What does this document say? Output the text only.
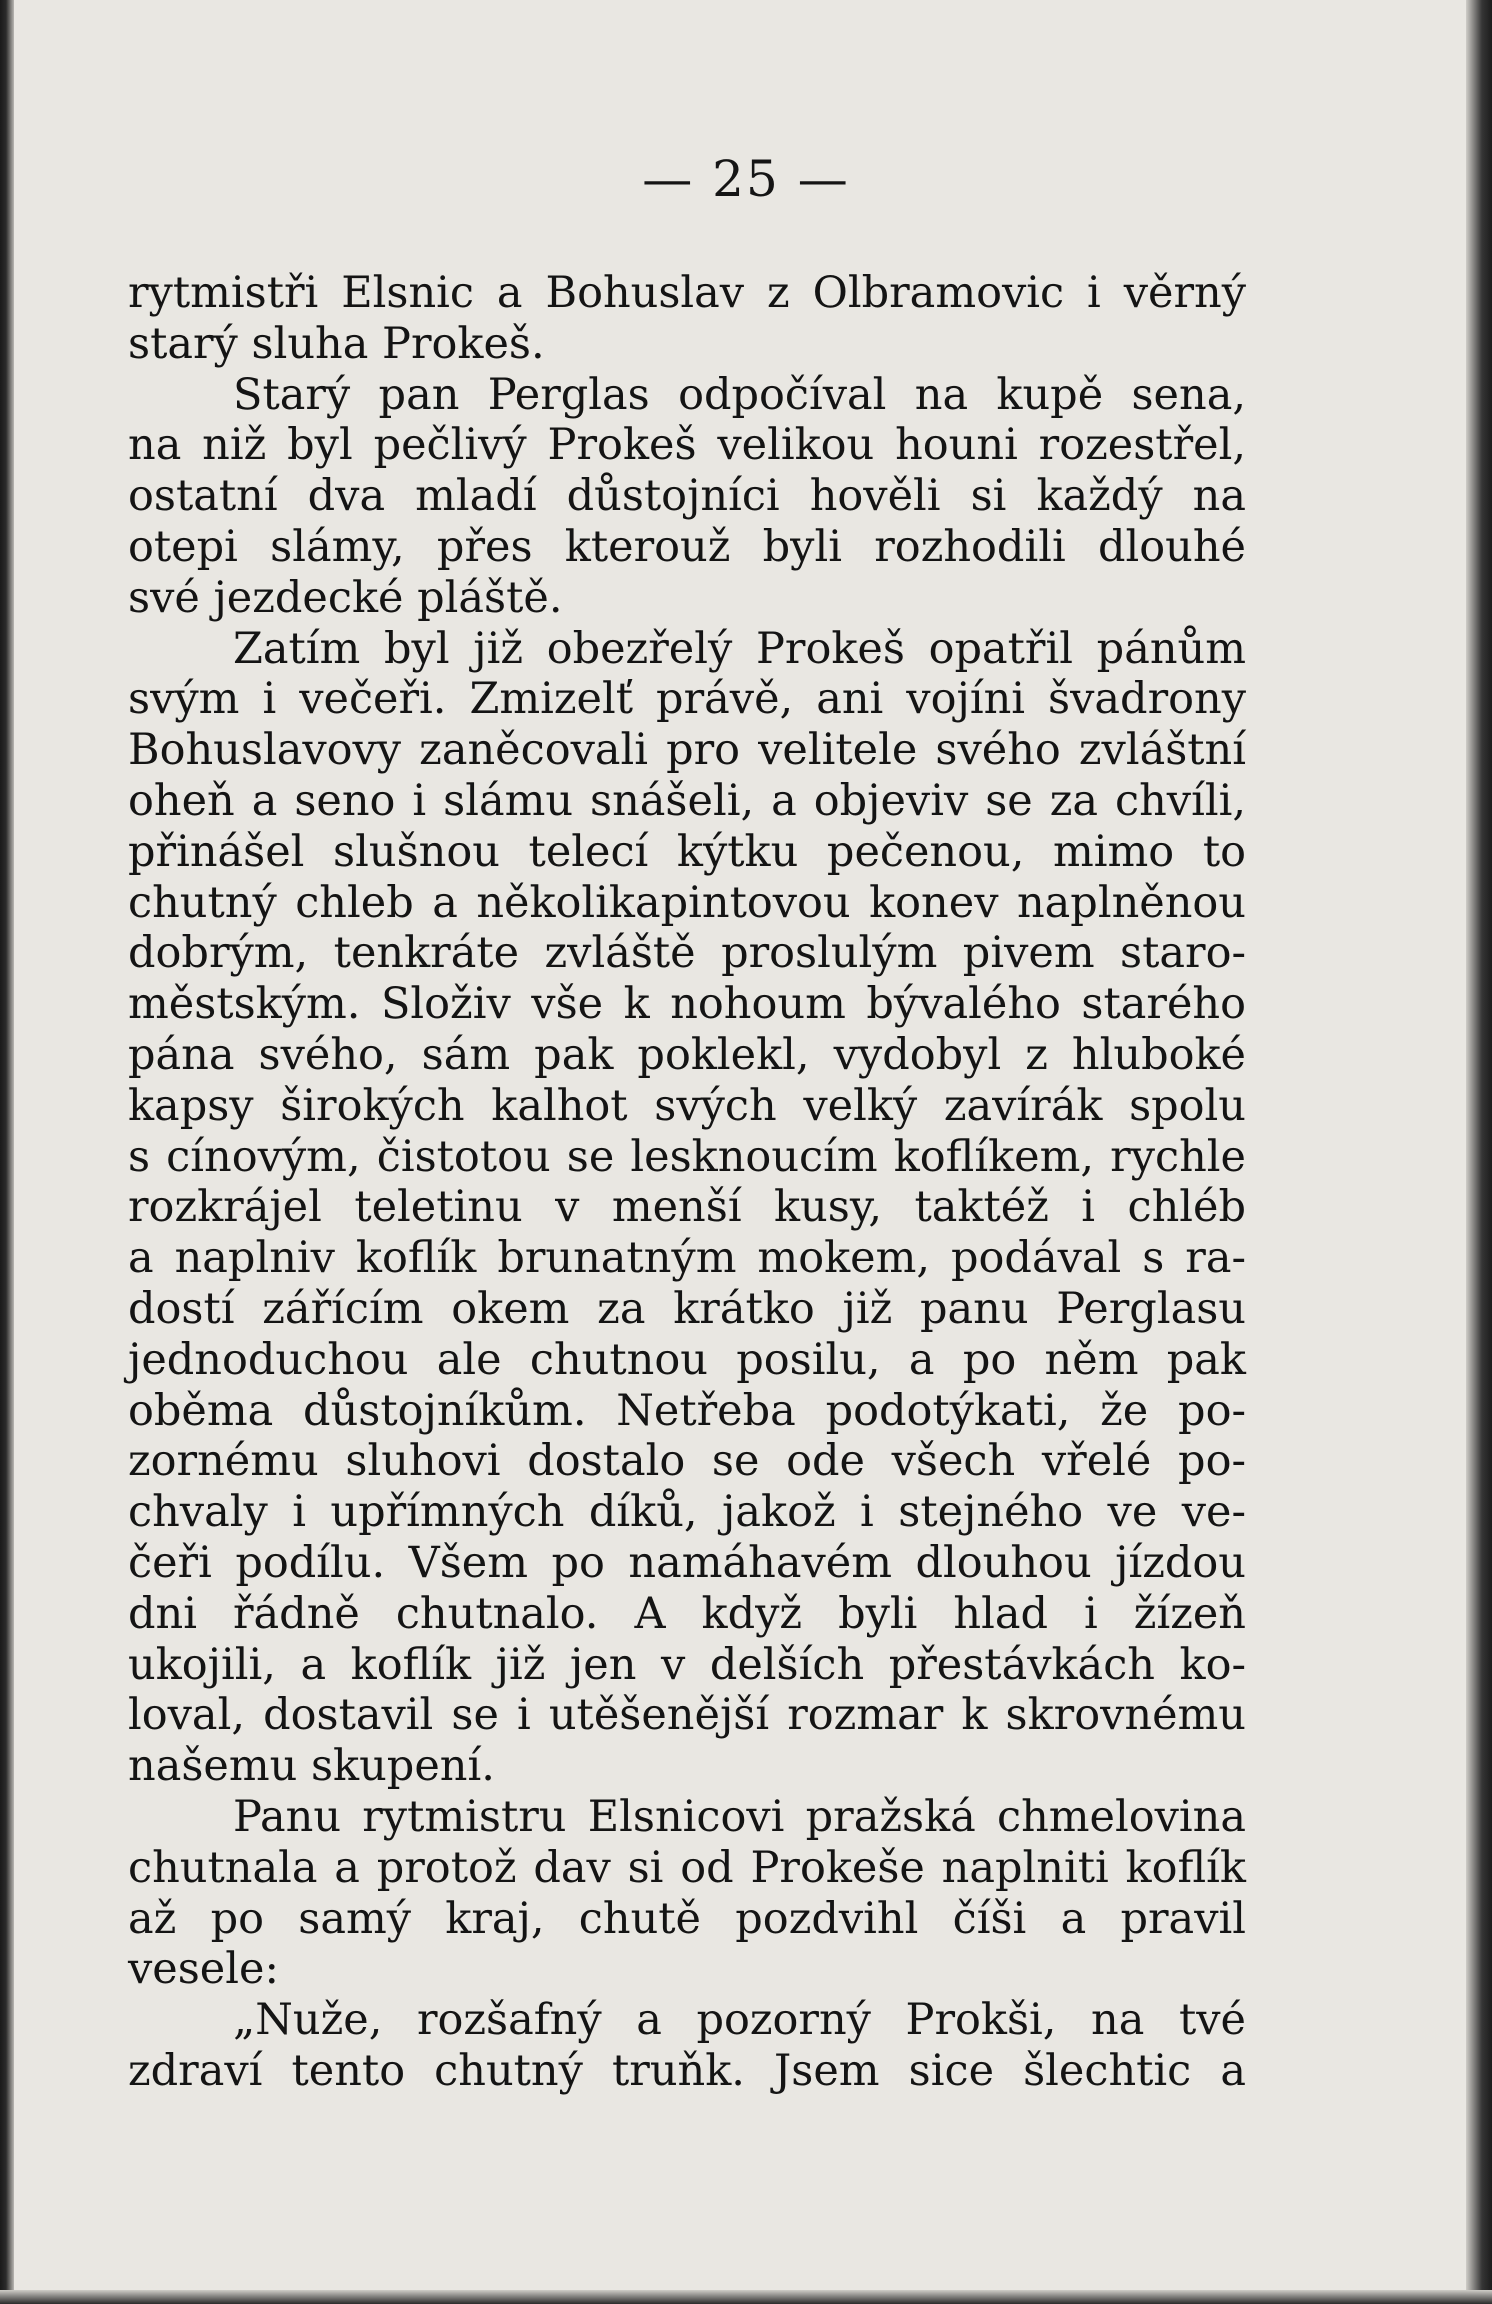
— 25 —
rytmistři Elsnic a Bohuslav z Olbramovic i věrný
starý sluha Prokeš.
Starý pan Perglas odpočíval na kupě sena,
na niž byl pečlivý Prokeš velikou houni rozestřel,
ostatní dva mladí důstojníci hověli si každý na
otepi slámy, přes kterouž byli rozhodili dlouhé
své jezdecké pláště.
Zatím byl již obezřelý Prokeš opatřil pánům
svým i večeři. Zmizelť právě, ani vojíni švadrony
Bohuslavovy zaněcovali pro velitele svého zvláštní
oheň a seno i slámu snášeli, a objeviv se za chvíli,
přinášel slušnou telecí kýtku pečenou, mimo to
chutný chleb a několikapintovou konev naplněnou
dobrým, tenkráte zvláště proslulým pivem staro-
městským. Složiv vše k nohoum bývalého starého
pána svého, sám pak poklekl, vydobyl z hluboké
kapsy širokých kalhot svých velký zavírák spolu
s cínovým, čistotou se lesknoucím koflíkem, rychle
rozkrájel teletinu v menší kusy, taktéž i chléb
a naplniv koflík brunatným mokem, podával s ra-
dostí zářícím okem za krátko již panu Perglasu
jednoduchou ale chutnou posilu, a po něm pak
oběma důstojníkům. Netřeba podotýkati, že po-
zornému sluhovi dostalo se ode všech vřelé po-
chvaly i upřímných díků, jakož i stejného ve ve-
čeři podílu. Všem po namáhavém dlouhou jízdou
dni řádně chutnalo. A když byli hlad i žízeň
ukojili, a koflík již jen v delších přestávkách ko-
loval, dostavil se i utěšenější rozmar k skrovnému
našemu skupení.
Panu rytmistru Elsnicovi pražská chmelovina
chutnala a protož dav si od Prokeše naplniti koflík
až po samý kraj, chutě pozdvihl číši a pravil
vesele:
„Nuže, rozšafný a pozorný Prokši, na tvé
zdraví tento chutný truňk. Jsem sice šlechtic a
